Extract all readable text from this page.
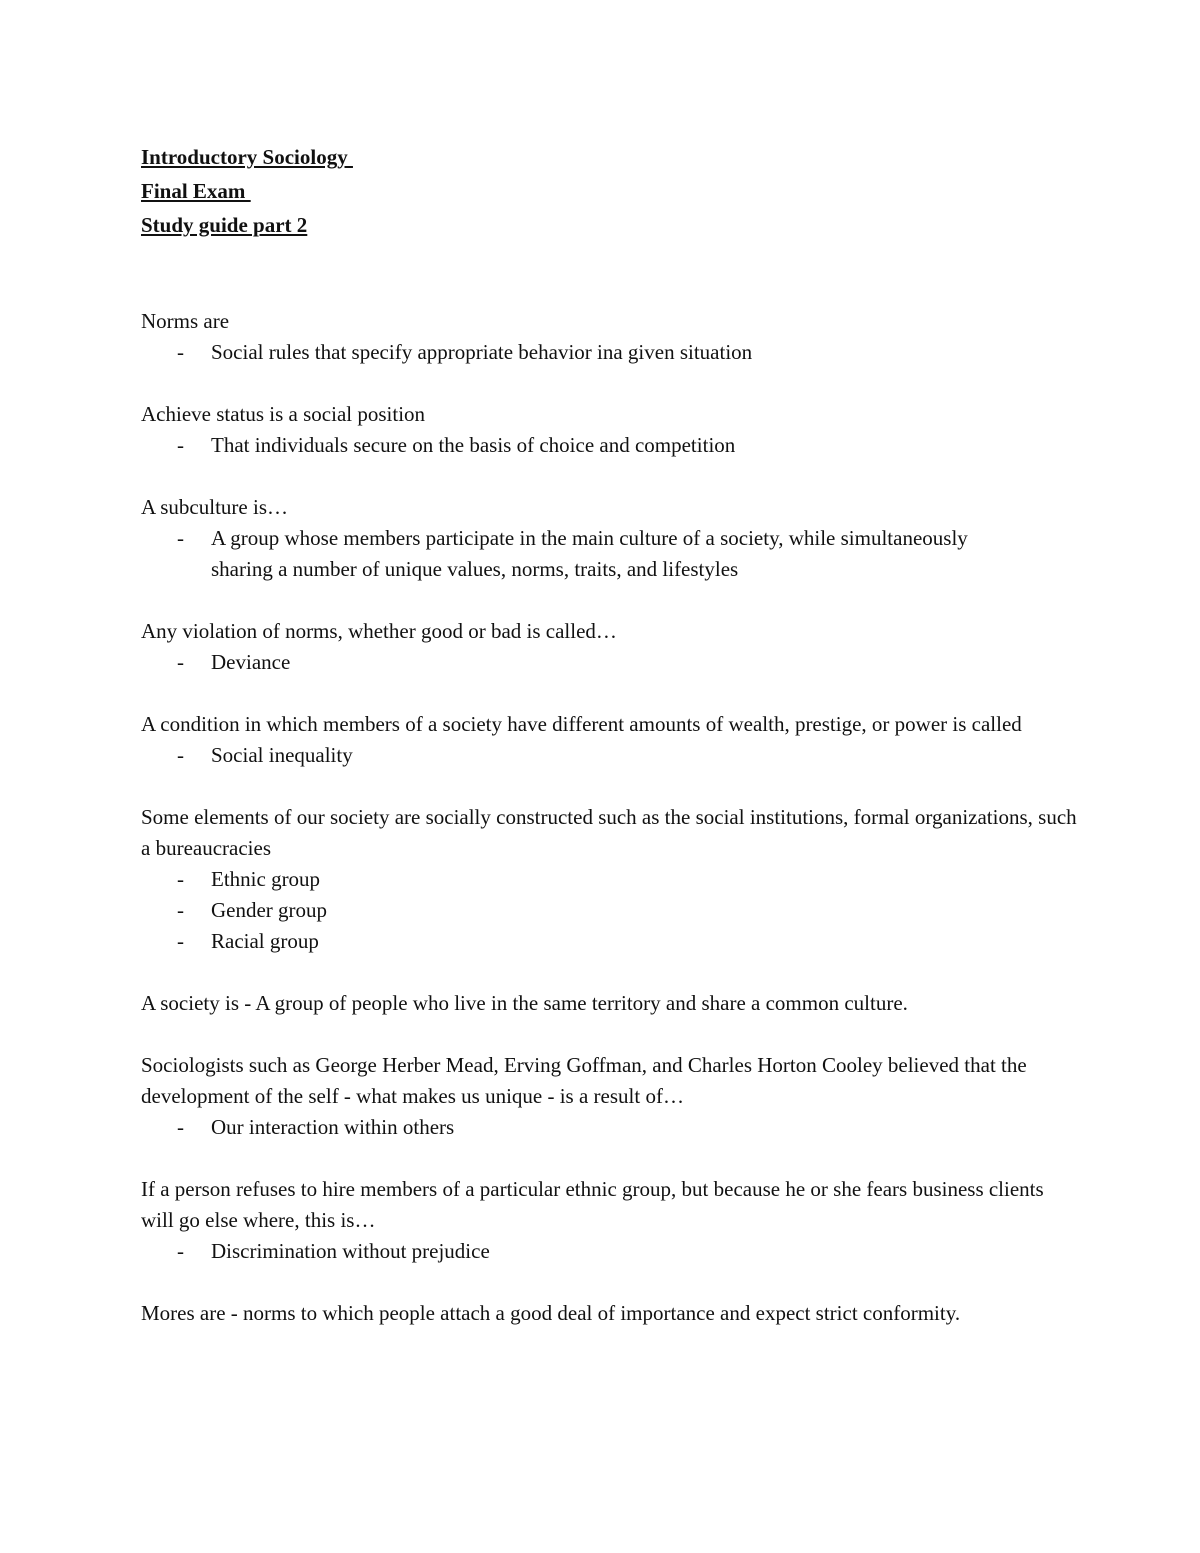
Introductory Sociology
Final Exam
Study guide part 2
Norms are
- Social rules that specify appropriate behavior ina given situation
Achieve status is a social position
- That individuals secure on the basis of choice and competition
A subculture is…
- A group whose members participate in the main culture of a society, while simultaneously sharing a number of unique values, norms, traits, and lifestyles
Any violation of norms, whether good or bad is called…
- Deviance
A condition in which members of a society have different amounts of wealth, prestige, or power is called
- Social inequality
Some elements of our society are socially constructed such as the social institutions, formal organizations, such a bureaucracies
- Ethnic group
- Gender group
- Racial group
A society is - A group of people who live in the same territory and share a common culture.
Sociologists such as George Herber Mead, Erving Goffman, and Charles Horton Cooley believed that the development of the self - what makes us unique - is a result of…
- Our interaction within others
If a person refuses to hire members of a particular ethnic group, but because he or she fears business clients will go else where, this is…
- Discrimination without prejudice
Mores are - norms to which people attach a good deal of importance and expect strict conformity.
